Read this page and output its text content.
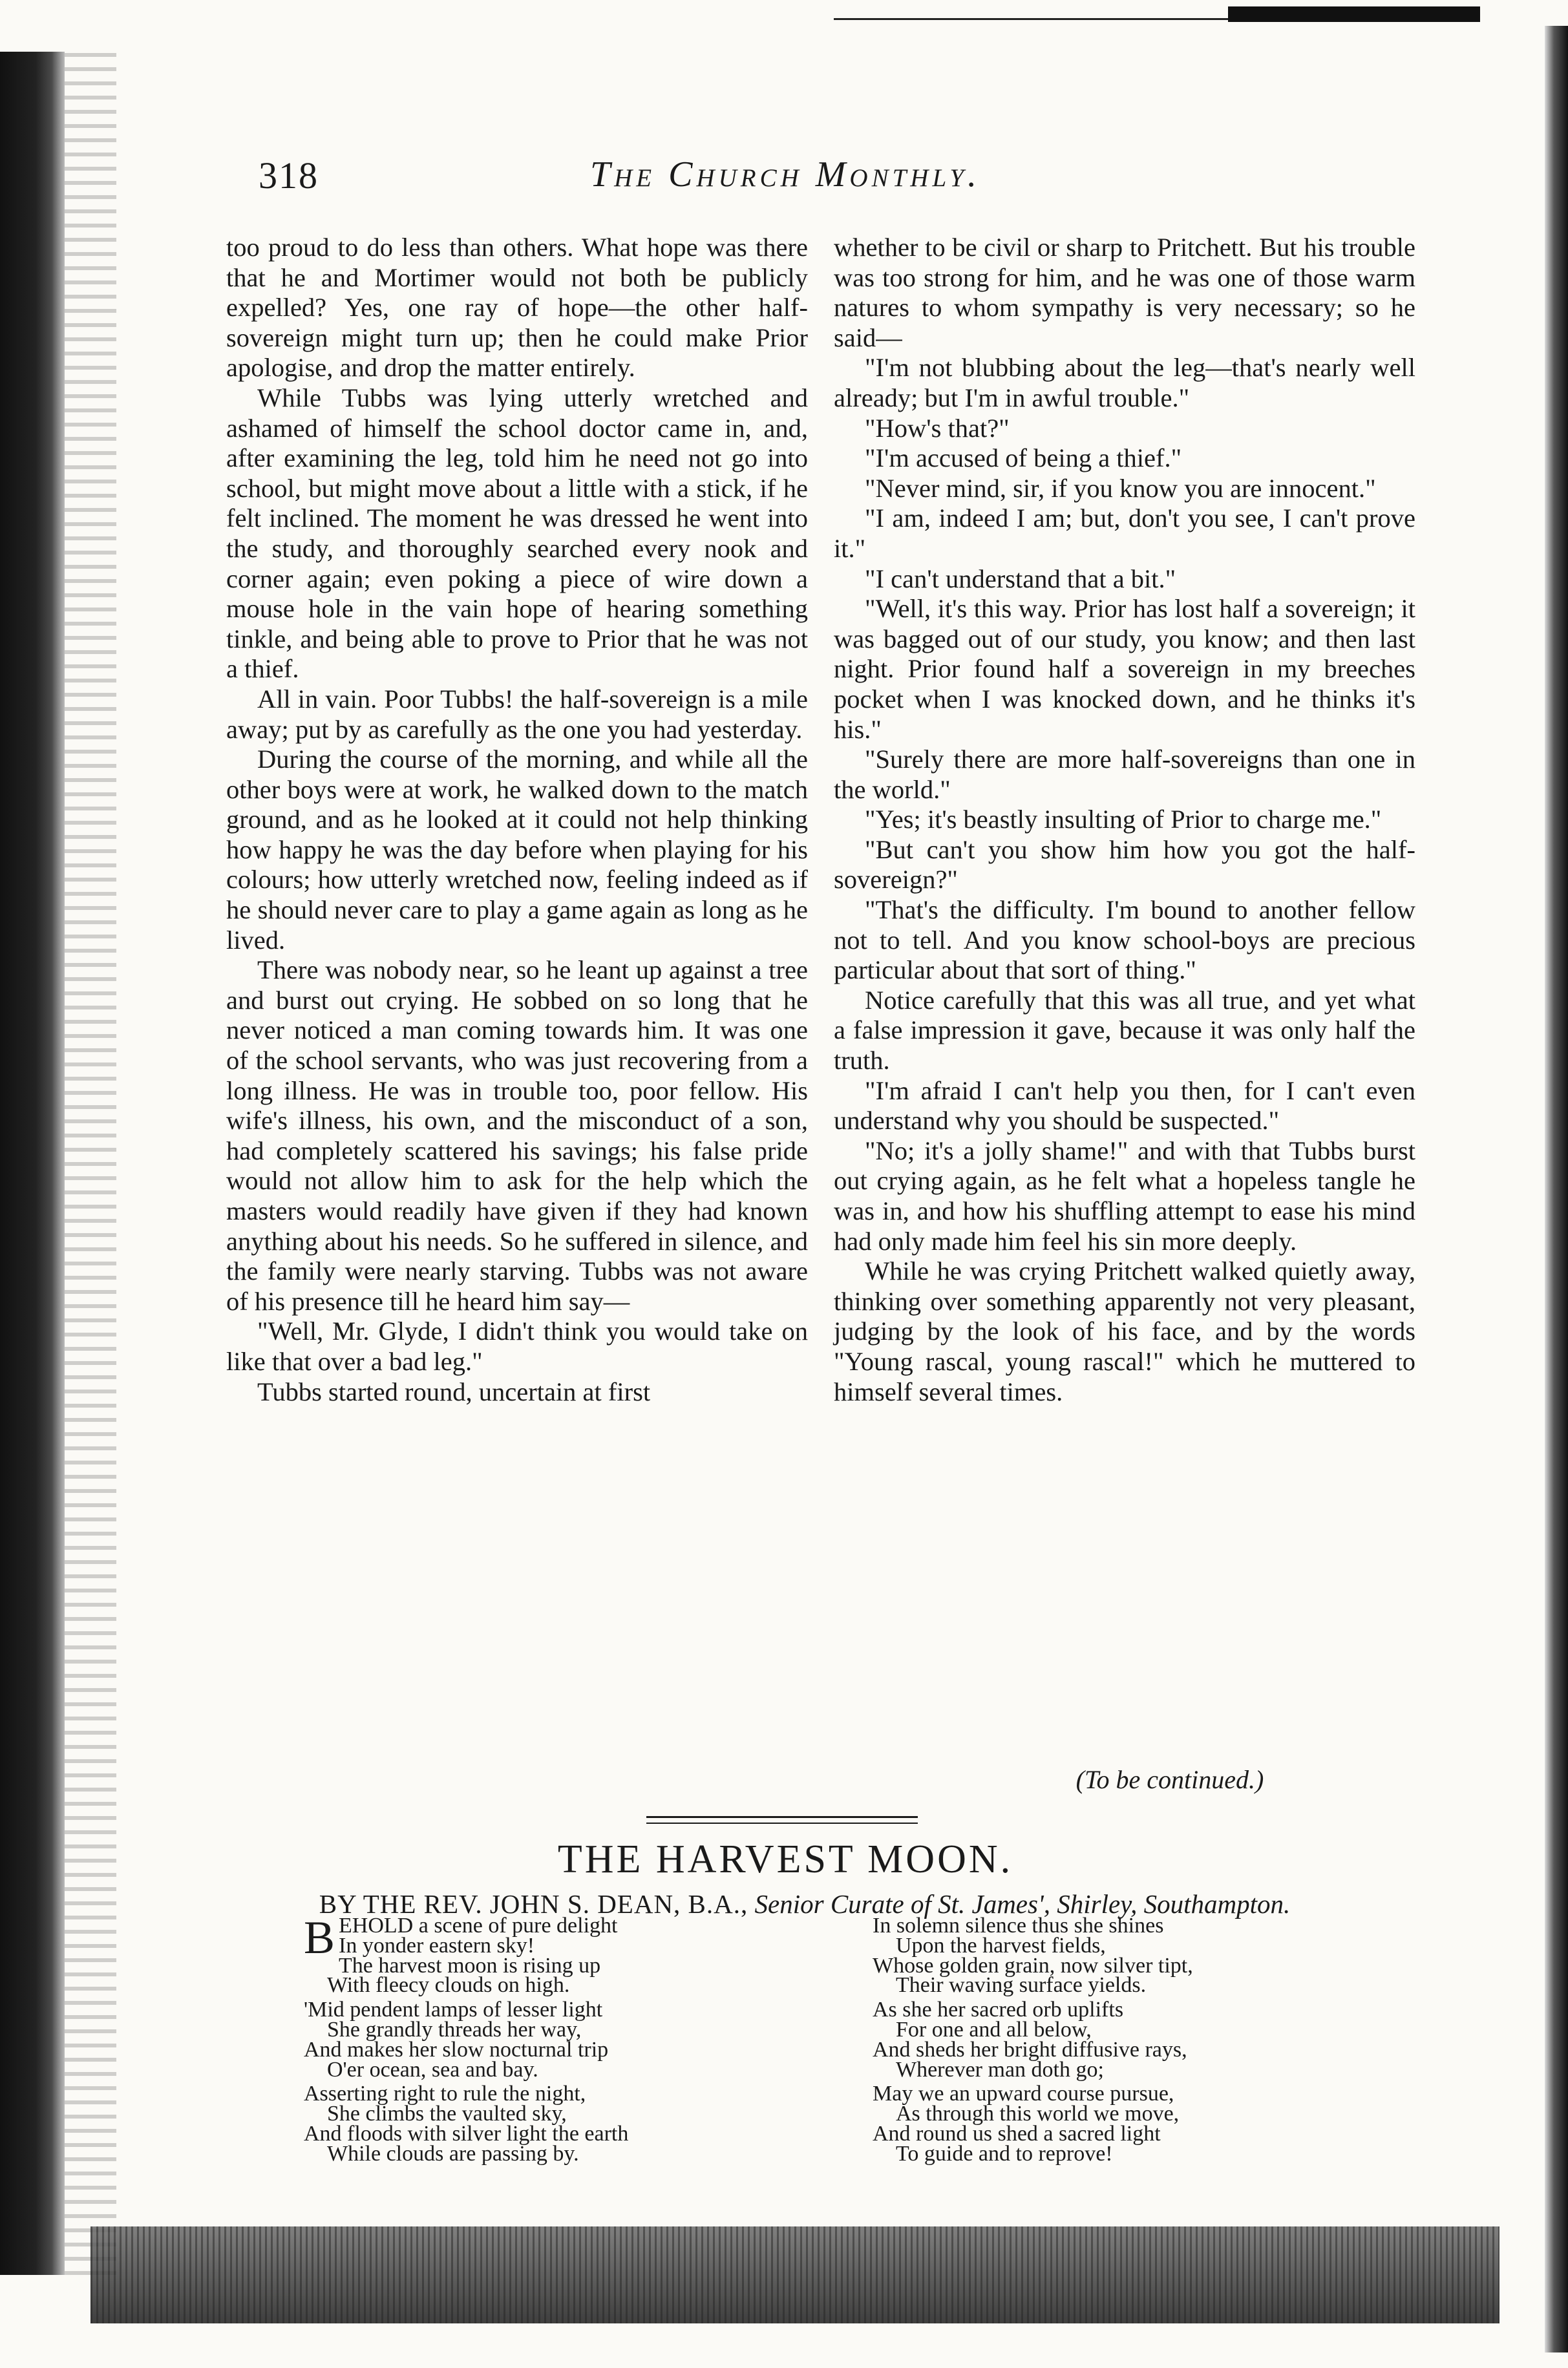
318	The Church Monthly.

too proud to do less than others. What hope was there that he and Mortimer would not both be publicly expelled? Yes, one ray of hope—the other half-sovereign might turn up; then he could make Prior apologise, and drop the matter entirely.

While Tubbs was lying utterly wretched and ashamed of himself the school doctor came in, and, after examining the leg, told him he need not go into school, but might move about a little with a stick, if he felt inclined. The moment he was dressed he went into the study, and thoroughly searched every nook and corner again; even poking a piece of wire down a mouse hole in the vain hope of hearing something tinkle, and being able to prove to Prior that he was not a thief.

All in vain. Poor Tubbs! the half-sovereign is a mile away; put by as carefully as the one you had yesterday.

During the course of the morning, and while all the other boys were at work, he walked down to the match ground, and as he looked at it could not help thinking how happy he was the day before when playing for his colours; how utterly wretched now, feeling indeed as if he should never care to play a game again as long as he lived.

There was nobody near, so he leant up against a tree and burst out crying. He sobbed on so long that he never noticed a man coming towards him. It was one of the school servants, who was just recovering from a long illness. He was in trouble too, poor fellow. His wife's illness, his own, and the misconduct of a son, had completely scattered his savings; his false pride would not allow him to ask for the help which the masters would readily have given if they had known anything about his needs. So he suffered in silence, and the family were nearly starving. Tubbs was not aware of his presence till he heard him say—

"Well, Mr. Glyde, I didn't think you would take on like that over a bad leg."

Tubbs started round, uncertain at first

whether to be civil or sharp to Pritchett. But his trouble was too strong for him, and he was one of those warm natures to whom sympathy is very necessary; so he said—

"I'm not blubbing about the leg—that's nearly well already; but I'm in awful trouble."

"How's that?"

"I'm accused of being a thief."

"Never mind, sir, if you know you are innocent."

"I am, indeed I am; but, don't you see, I can't prove it."

"I can't understand that a bit."

"Well, it's this way. Prior has lost half a sovereign; it was bagged out of our study, you know; and then last night. Prior found half a sovereign in my breeches pocket when I was knocked down, and he thinks it's his."

"Surely there are more half-sovereigns than one in the world."

"Yes; it's beastly insulting of Prior to charge me."

"But can't you show him how you got the half-sovereign?"

"That's the difficulty. I'm bound to another fellow not to tell. And you know school-boys are precious particular about that sort of thing."

Notice carefully that this was all true, and yet what a false impression it gave, because it was only half the truth.

"I'm afraid I can't help you then, for I can't even understand why you should be suspected."

"No; it's a jolly shame!" and with that Tubbs burst out crying again, as he felt what a hopeless tangle he was in, and how his shuffling attempt to ease his mind had only made him feel his sin more deeply.

While he was crying Pritchett walked quietly away, thinking over something apparently not very pleasant, judging by the look of his face, and by the words "Young rascal, young rascal!" which he muttered to himself several times.

(To be continued.)
THE HARVEST MOON.
BY THE REV. JOHN S. DEAN, B.A., Senior Curate of St. James', Shirley, Southampton.
B EHOLD a scene of pure delight
In yonder eastern sky!
The harvest moon is rising up
With fleecy clouds on high.
'Mid pendent lamps of lesser light
She grandly threads her way,
And makes her slow nocturnal trip
O'er ocean, sea and bay.
Asserting right to rule the night,
She climbs the vaulted sky,
And floods with silver light the earth
While clouds are passing by.
In solemn silence thus she shines
Upon the harvest fields,
Whose golden grain, now silver tipt,
Their waving surface yields.
As she her sacred orb uplifts
For one and all below,
And sheds her bright diffusive rays,
Wherever man doth go;
May we an upward course pursue,
As through this world we move,
And round us shed a sacred light
To guide and to reprove!
